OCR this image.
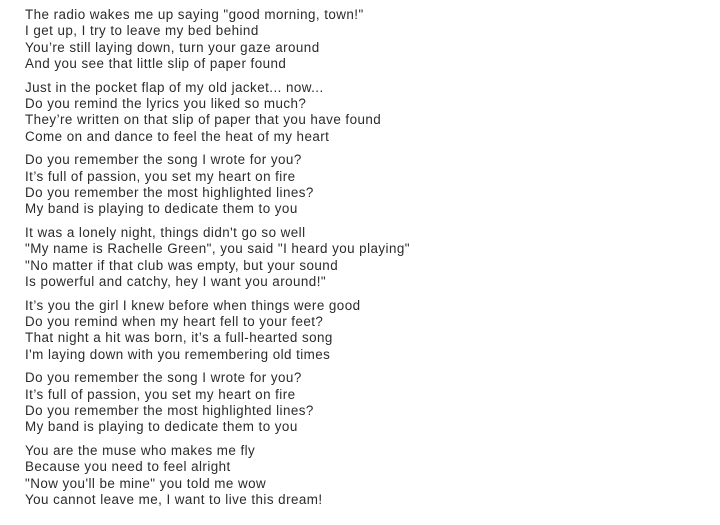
The radio wakes me up saying "good morning, town!"
I get up, I try to leave my bed behind
You’re still laying down, turn your gaze around
And you see that little slip of paper found
Just in the pocket flap of my old jacket... now...
Do you remind the lyrics you liked so much?
They’re written on that slip of paper that you have found
Come on and dance to feel the heat of my heart
Do you remember the song I wrote for you?
It’s full of passion, you set my heart on fire
Do you remember the most highlighted lines?
My band is playing to dedicate them to you
It was a lonely night, things didn't go so well
"My name is Rachelle Green", you said "I heard you playing"
"No matter if that club was empty, but your sound
Is powerful and catchy, hey I want you around!"
It’s you the girl I knew before when things were good
Do you remind when my heart fell to your feet?
That night a hit was born, it’s a full-hearted song
I'm laying down with you remembering old times
Do you remember the song I wrote for you?
It’s full of passion, you set my heart on fire
Do you remember the most highlighted lines?
My band is playing to dedicate them to you
You are the muse who makes me fly
Because you need to feel alright
"Now you'll be mine" you told me wow
You cannot leave me, I want to live this dream!
